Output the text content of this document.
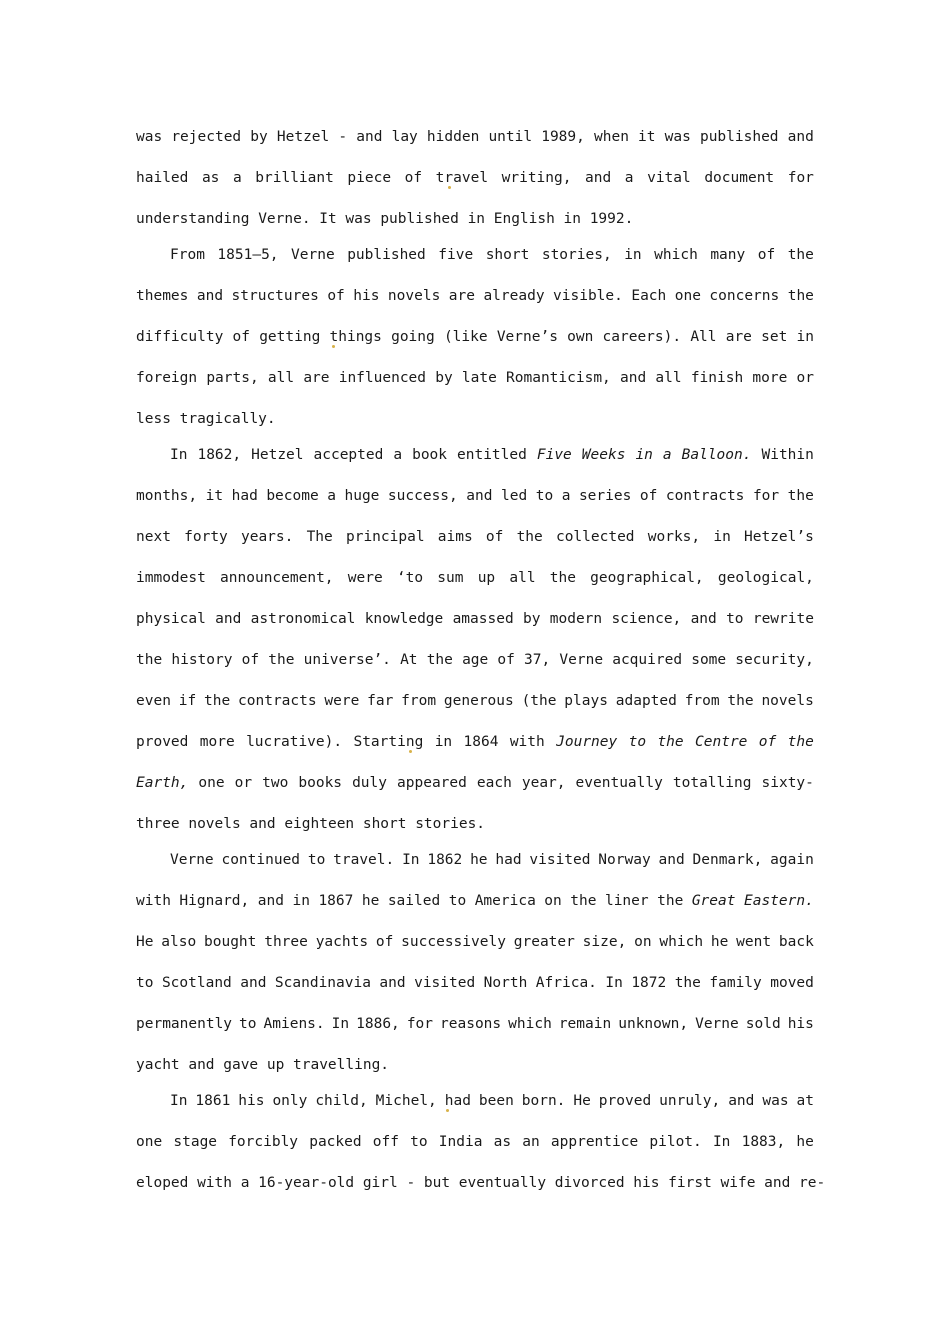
was rejected by Hetzel - and lay hidden until 1989, when it was published and
hailed as a brilliant piece of travel writing, and a vital document for
understanding Verne. It was published in English in 1992.
From 1851–5, Verne published five short stories, in which many of the
themes and structures of his novels are already visible. Each one concerns the
difficulty of getting things going (like Verne’s own careers). All are set in
foreign parts, all are influenced by late Romanticism, and all finish more or
less tragically.
In 1862, Hetzel accepted a book entitled Five Weeks in a Balloon. Within
months, it had become a huge success, and led to a series of contracts for the
next forty years. The principal aims of the collected works, in Hetzel’s
immodest announcement, were ‘to sum up all the geographical, geological,
physical and astronomical knowledge amassed by modern science, and to rewrite
the history of the universe’. At the age of 37, Verne acquired some security,
even if the contracts were far from generous (the plays adapted from the novels
proved more lucrative). Starting in 1864 with Journey to the Centre of the
Earth, one or two books duly appeared each year, eventually totalling sixty-
three novels and eighteen short stories.
Verne continued to travel. In 1862 he had visited Norway and Denmark, again
with Hignard, and in 1867 he sailed to America on the liner the Great Eastern.
He also bought three yachts of successively greater size, on which he went back
to Scotland and Scandinavia and visited North Africa. In 1872 the family moved
permanently to Amiens. In 1886, for reasons which remain unknown, Verne sold his
yacht and gave up travelling.
In 1861 his only child, Michel, had been born. He proved unruly, and was at
one stage forcibly packed off to India as an apprentice pilot. In 1883, he
eloped with a 16-year-old girl - but eventually divorced his first wife and re-
